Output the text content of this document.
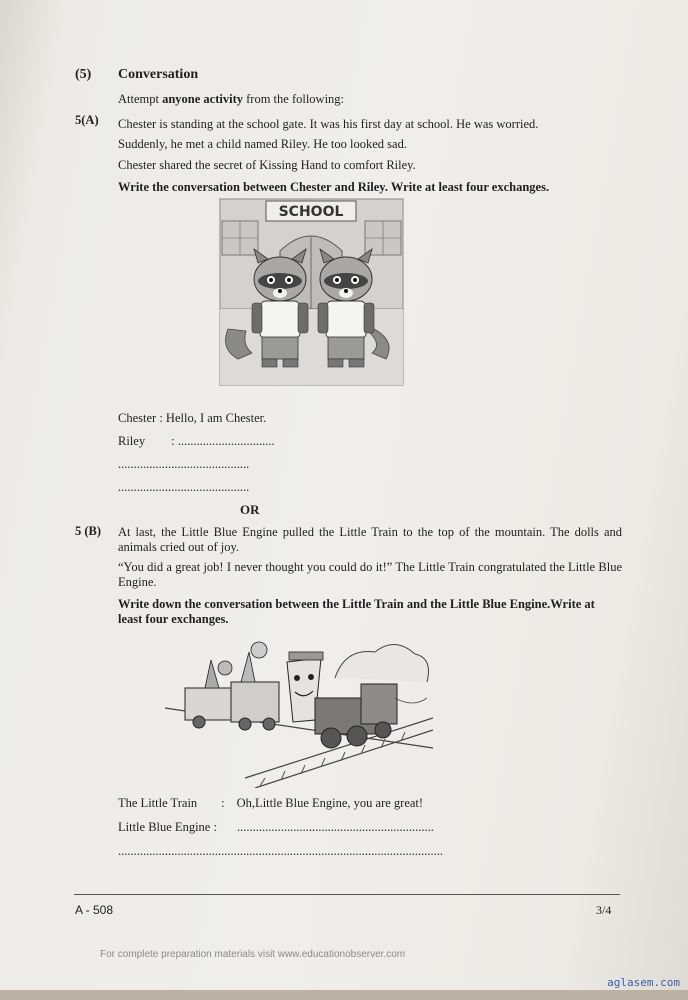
(5) Conversation
Attempt anyone activity from the following:
5(A) Chester is standing at the school gate. It was his first day at school. He was worried.
Suddenly, he met a child named Riley. He too looked sad.
Chester shared the secret of Kissing Hand to comfort Riley.
Write the conversation between Chester and Riley. Write at least four exchanges.
SCHOOL
Chester : Hello, I am Chester.
Riley : ...............................
..........................................
..........................................
OR
5 (B) At last, the Little Blue Engine pulled the Little Train to the top of the mountain. The dolls and animals cried out of joy.
“You did a great job! I never thought you could do it!” The Little Train congratulated the Little Blue Engine.
Write down the conversation between the Little Train and the Little Blue Engine.Write at least four exchanges.
The Little Train : Oh,Little Blue Engine, you are great!
Little Blue Engine : ...............................................................
........................................................................................................
A - 508	3/4
For complete preparation materials visit www.educationobserver.com
aglasem.com
